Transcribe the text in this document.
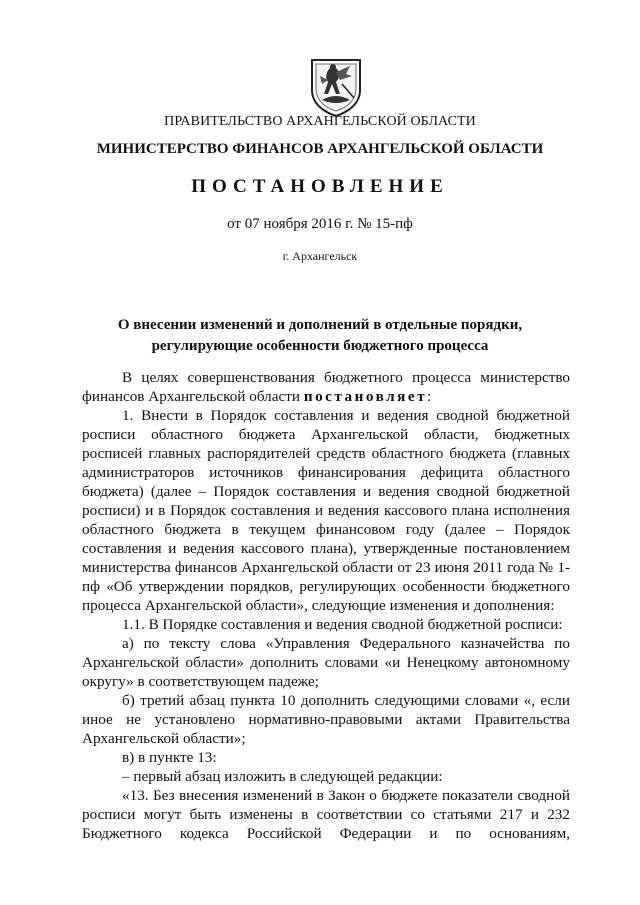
ПРАВИТЕЛЬСТВО АРХАНГЕЛЬСКОЙ ОБЛАСТИ
МИНИСТЕРСТВО ФИНАНСОВ АРХАНГЕЛЬСКОЙ ОБЛАСТИ
ПОСТАНОВЛЕНИЕ
от 07 ноября 2016 г. № 15-пф
г. Архангельск
О внесении изменений и дополнений в отдельные порядки,
регулирующие особенности бюджетного процесса

В целях совершенствования бюджетного процесса министерство финансов Архангельской области постановляет:

1. Внести в Порядок составления и ведения сводной бюджетной росписи областного бюджета Архангельской области, бюджетных росписей главных распорядителей средств областного бюджета (главных администраторов источников финансирования дефицита областного бюджета) (далее – Порядок составления и ведения сводной бюджетной росписи) и в Порядок составления и ведения кассового плана исполнения областного бюджета в текущем финансовом году (далее – Порядок составления и ведения кассового плана), утвержденные постановлением министерства финансов Архангельской области от 23 июня 2011 года № 1-пф «Об утверждении порядков, регулирующих особенности бюджетного процесса Архангельской области», следующие изменения и дополнения:

1.1. В Порядке составления и ведения сводной бюджетной росписи:

а) по тексту слова «Управления Федерального казначейства по Архангельской области» дополнить словами «и Ненецкому автономному округу» в соответствующем падеже;

б) третий абзац пункта 10 дополнить следующими словами «, если иное не установлено нормативно-правовыми актами Правительства Архангельской области»;

в) в пункте 13:

– первый абзац изложить в следующей редакции:

«13. Без внесения изменений в Закон о бюджете показатели сводной росписи могут быть изменены в соответствии со статьями 217 и 232 Бюджетного кодекса Российской Федерации и по основаниям,
